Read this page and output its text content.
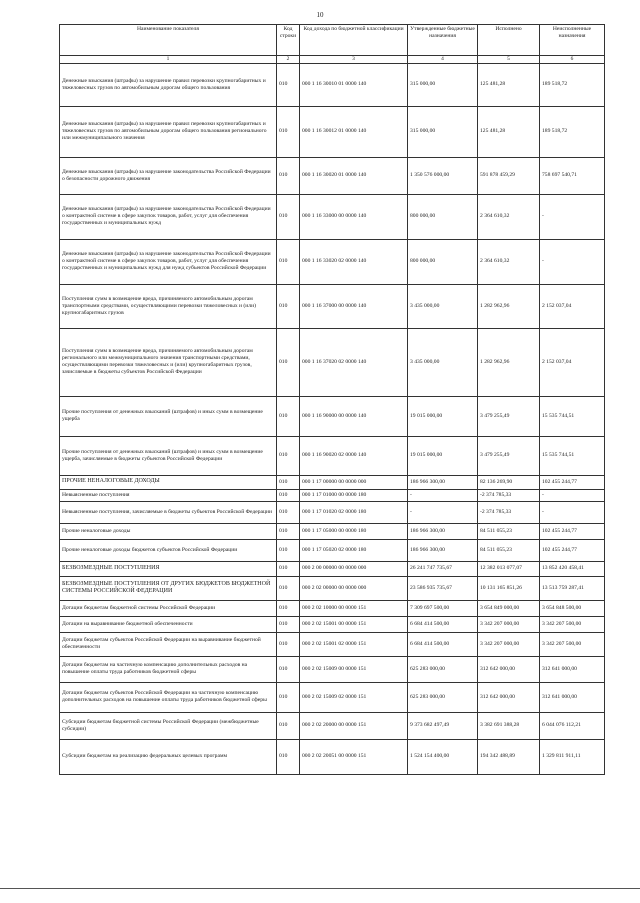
10
Наименование показателя	Код строки	Код дохода по бюджетной классификации	Утвержденные бюджетные назначения	Исполнено	Неисполненные назначения
1	2	3	4	5	6
Денежные взыскания (штрафы) за нарушение правил перевозки крупногабаритных и тяжеловесных грузов по автомобильным дорогам общего пользования	010	000 1 16 30010 01 0000 140	315 000,00	125 481,28	189 518,72
Денежные взыскания (штрафы) за нарушение правил перевозки крупногабаритных и тяжеловесных грузов по автомобильным дорогам общего пользования регионального или межмуниципального значения	010	000 1 16 30012 01 0000 140	315 000,00	125 481,28	189 518,72
Денежные взыскания (штрафы) за нарушение законодательства Российской Федерации о безопасности дорожного движения	010	000 1 16 30020 01 0000 140	1 350 576 000,00	591 878 459,29	758 697 540,71
Денежные взыскания (штрафы) за нарушение законодательства Российской Федерации о контрактной системе в сфере закупок товаров, работ, услуг для обеспечения государственных и муниципальных нужд	010	000 1 16 33000 00 0000 140	800 000,00	2 364 610,32	-
Денежные взыскания (штрафы) за нарушение законодательства Российской Федерации о контрактной системе в сфере закупок товаров, работ, услуг для обеспечения государственных и муниципальных нужд для нужд субъектов Российской Федерации	010	000 1 16 33020 02 0000 140	800 000,00	2 364 610,32	-
Поступления сумм в возмещение вреда, причиняемого автомобильным дорогам транспортными средствами, осуществляющими перевозки тяжеловесных и (или) крупногабаритных грузов	010	000 1 16 37000 00 0000 140	3 435 000,00	1 282 962,96	2 152 037,04
Поступления сумм в возмещение вреда, причиняемого автомобильным дорогам регионального или межмуниципального значения транспортными средствами, осуществляющими перевозки тяжеловесных и (или) крупногабаритных грузов, зачисляемые в бюджеты субъектов Российской Федерации	010	000 1 16 37020 02 0000 140	3 435 000,00	1 282 962,96	2 152 037,04
Прочие поступления от денежных взысканий (штрафов) и иных сумм в возмещение ущерба	010	000 1 16 90000 00 0000 140	19 015 000,00	3 479 255,49	15 535 744,51
Прочие поступления от денежных взысканий (штрафов) и иных сумм в возмещение ущерба, зачисляемые в бюджеты субъектов Российской Федерации	010	000 1 16 90020 02 0000 140	19 015 000,00	3 479 255,49	15 535 744,51
ПРОЧИЕ НЕНАЛОГОВЫЕ ДОХОДЫ	010	000 1 17 00000 00 0000 000	186 966 300,00	82 136 269,90	102 455 244,77
Невыясненные поступления	010	000 1 17 01000 00 0000 180	-	-2 374 785,33	-
Невыясненные поступления, зачисляемые в бюджеты субъектов Российской Федерации	010	000 1 17 01020 02 0000 180	-	-2 374 785,33	-
Прочие неналоговые доходы	010	000 1 17 05000 00 0000 180	186 966 300,00	84 511 055,23	102 455 244,77
Прочие неналоговые доходы бюджетов субъектов Российской Федерации	010	000 1 17 05020 02 0000 180	186 966 300,00	84 511 055,23	102 455 244,77
БЕЗВОЗМЕЗДНЫЕ ПОСТУПЛЕНИЯ	010	000 2 00 00000 00 0000 000	26 241 747 735,67	12 382 013 077,07	13 852 420 458,41
БЕЗВОЗМЕЗДНЫЕ ПОСТУПЛЕНИЯ ОТ ДРУГИХ БЮДЖЕТОВ БЮДЖЕТНОЙ СИСТЕМЫ РОССИЙСКОЙ ФЕДЕРАЦИИ	010	000 2 02 00000 00 0000 000	23 586 935 735,67	10 131 165 851,26	13 513 759 287,41
Дотации бюджетам бюджетной системы Российской Федерации	010	000 2 02 10000 00 0000 151	7 309 697 500,00	3 654 849 000,00	3 654 848 500,00
Дотации на выравнивание бюджетной обеспеченности	010	000 2 02 15001 00 0000 151	6 684 414 500,00	3 342 207 000,00	3 342 207 500,00
Дотации бюджетам субъектов Российской Федерации на выравнивание бюджетной обеспеченности	010	000 2 02 15001 02 0000 151	6 684 414 500,00	3 342 207 000,00	3 342 207 500,00
Дотации бюджетам на частичную компенсацию дополнительных расходов на повышение оплаты труда работников бюджетной сферы	010	000 2 02 15009 00 0000 151	625 283 000,00	312 642 000,00	312 641 000,00
Дотации бюджетам субъектов Российской Федерации на частичную компенсацию дополнительных расходов на повышение оплаты труда работников бюджетной сферы	010	000 2 02 15009 02 0000 151	625 283 000,00	312 642 000,00	312 641 000,00
Субсидии бюджетам бюджетной системы Российской Федерации (межбюджетные субсидии)	010	000 2 02 20000 00 0000 151	9 373 682 497,49	3 382 691 388,28	6 044 076 112,21
Субсидии бюджетам на реализацию федеральных целевых программ	010	000 2 02 20051 00 0000 151	1 524 154 400,00	194 342 488,89	1 329 811 911,11
